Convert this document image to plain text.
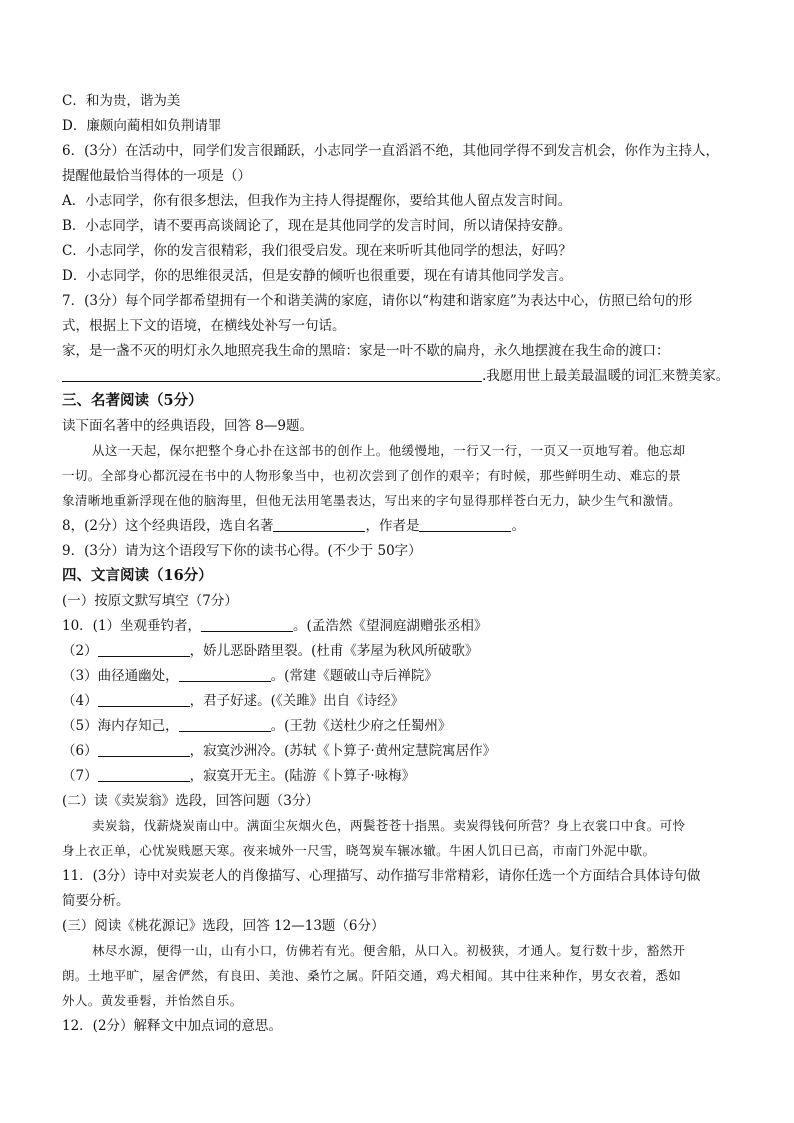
C．和为贵，谐为美
D．廉颇向蔺相如负荆请罪
6．(3分）在活动中，同学们发言很踊跃，小志同学一直滔滔不绝，其他同学得不到发言机会，你作为主持人，
提醒他最恰当得体的一项是（）
A．小志同学，你有很多想法，但我作为主持人得提醒你，要给其他人留点发言时间。
B．小志同学，请不要再高谈阔论了，现在是其他同学的发言时间，所以请保持安静。
C．小志同学，你的发言很精彩，我们很受启发。现在来听听其他同学的想法，好吗？
D．小志同学，你的思维很灵活，但是安静的倾听也很重要，现在有请其他同学发言。
7．(3分）每个同学都希望拥有一个和谐美满的家庭，请你以“构建和谐家庭”为表达中心，仿照已给句的形
式，根据上下文的语境，在横线处补写一句话。
家，是一盏不灭的明灯永久地照亮我生命的黑暗：家是一叶不歇的扁舟，永久地摆渡在我生命的渡口：
.我愿用世上最美最温暖的词汇来赞美家。
三、名著阅读（5分）
读下面名著中的经典语段，回答 8—9题。
从这一天起，保尔把整个身心扑在这部书的创作上。他缓慢地，一行又一行，一页又一页地写着。他忘却
一切。全部身心都沉浸在书中的人物形象当中，也初次尝到了创作的艰辛；有时候，那些鲜明生动、难忘的景
象清晰地重新浮现在他的脑海里，但他无法用笔墨表达，写出来的字句显得那样苍白无力，缺少生气和激情。
8，(2分）这个经典语段，选自名著	，作者是	。
9．(3分）请为这个语段写下你的读书心得。(不少于 50字）
四、文言阅读（16分）
(一）按原文默写填空（7分）
10．(1）坐观垂钓者，	。(孟浩然《望洞庭湖赠张丞相》
（2）	，娇儿恶卧踏里裂。(杜甫《茅屋为秋风所破歌》
（3）曲径通幽处，	。(常建《题破山寺后禅院》
（4）	，君子好逑。(《关雎》出自《诗经》
（5）海内存知己，	。(王勃《送杜少府之任蜀州》
（6）	，寂寞沙洲冷。(苏轼《卜算子·黄州定慧院寓居作》
（7）	，寂寞开无主。(陆游《卜算子·咏梅》
(二）读《卖炭翁》选段，回答问题（3分）
卖炭翁，伐薪烧炭南山中。满面尘灰烟火色，两鬓苍苍十指黑。卖炭得钱何所营？身上衣裳口中食。可怜
身上衣正单，心忧炭贱愿天寒。夜来城外一尺雪，晓驾炭车辗冰辙。牛困人饥日已高，市南门外泥中歇。
11．(3分）诗中对卖炭老人的肖像描写、心理描写、动作描写非常精彩，请你任选一个方面结合具体诗句做
简要分析。
(三）阅读《桃花源记》选段，回答 12—13题（6分）
林尽水源，便得一山，山有小口，仿佛若有光。便舍船，从口入。初极狭，才通人。复行数十步，豁然开
朗。土地平旷，屋舍俨然，有良田、美池、桑竹之属。阡陌交通，鸡犬相闻。其中往来种作，男女衣着，悉如
外人。黄发垂髫，并怡然自乐。
12．(2分）解释文中加点词的意思。
